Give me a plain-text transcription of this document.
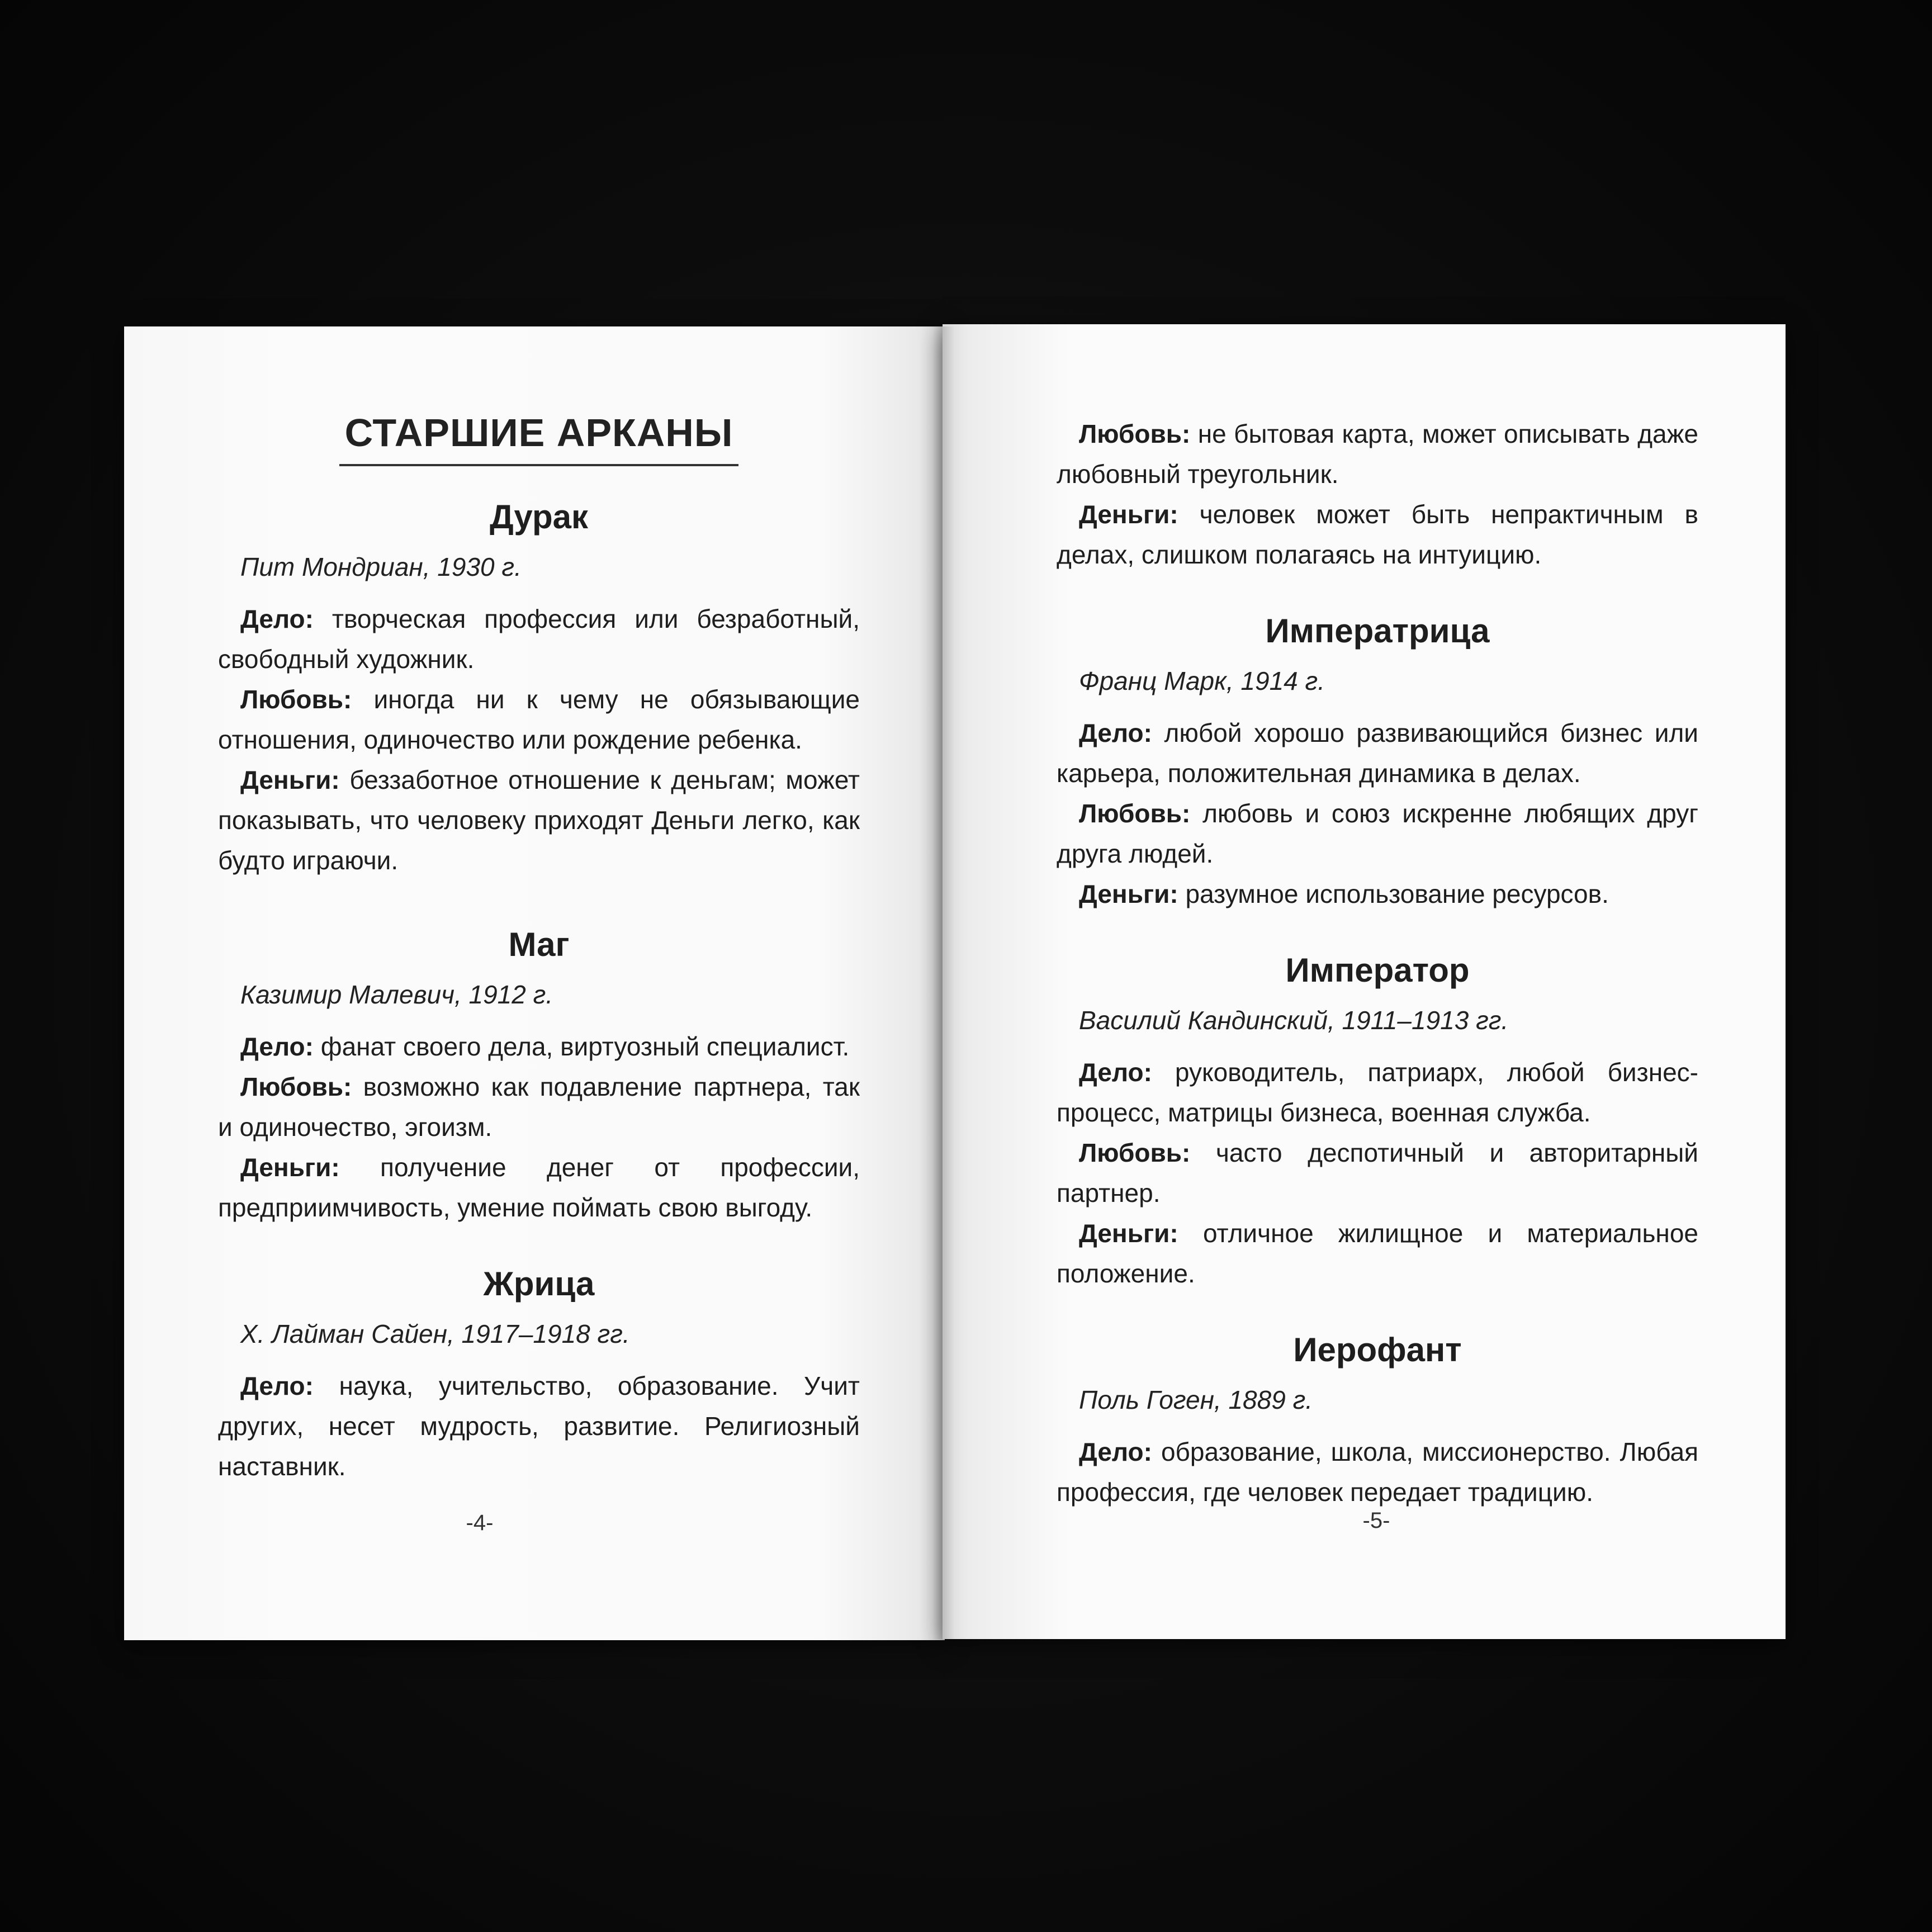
СТАРШИЕ АРКАНЫ
Дурак
Пит Мондриан, 1930 г.

Дело: творческая профессия или безработный, свободный художник.

Любовь: иногда ни к чему не обязывающие отношения, одиночество или рождение ребенка.

Деньги: беззаботное отношение к деньгам; может показывать, что человеку приходят Деньги легко, как будто играючи.

Маг
Казимир Малевич, 1912 г.

Дело: фанат своего дела, виртуозный специалист.

Любовь: возможно как подавление партнера, так и одиночество, эгоизм.

Деньги: получение денег от профессии, предприимчивость, умение поймать свою выгоду.

Жрица
Х. Лайман Сайен, 1917–1918 гг.

Дело: наука, учительство, образование. Учит других, несет мудрость, развитие. Религиозный наставник.

-4-

Любовь: не бытовая карта, может описывать даже любовный треугольник.

Деньги: человек может быть непрактичным в делах, слишком полагаясь на интуицию.

Императрица
Франц Марк, 1914 г.

Дело: любой хорошо развивающийся бизнес или карьера, положительная динамика в делах.

Любовь: любовь и союз искренне любящих друг друга людей.

Деньги: разумное использование ресурсов.

Император
Василий Кандинский, 1911–1913 гг.

Дело: руководитель, патриарх, любой бизнес-процесс, матрицы бизнеса, военная служба.

Любовь: часто деспотичный и авторитарный партнер.

Деньги: отличное жилищное и материальное положение.

Иерофант
Поль Гоген, 1889 г.

Дело: образование, школа, миссионерство. Любая профессия, где человек передает традицию.

-5-
